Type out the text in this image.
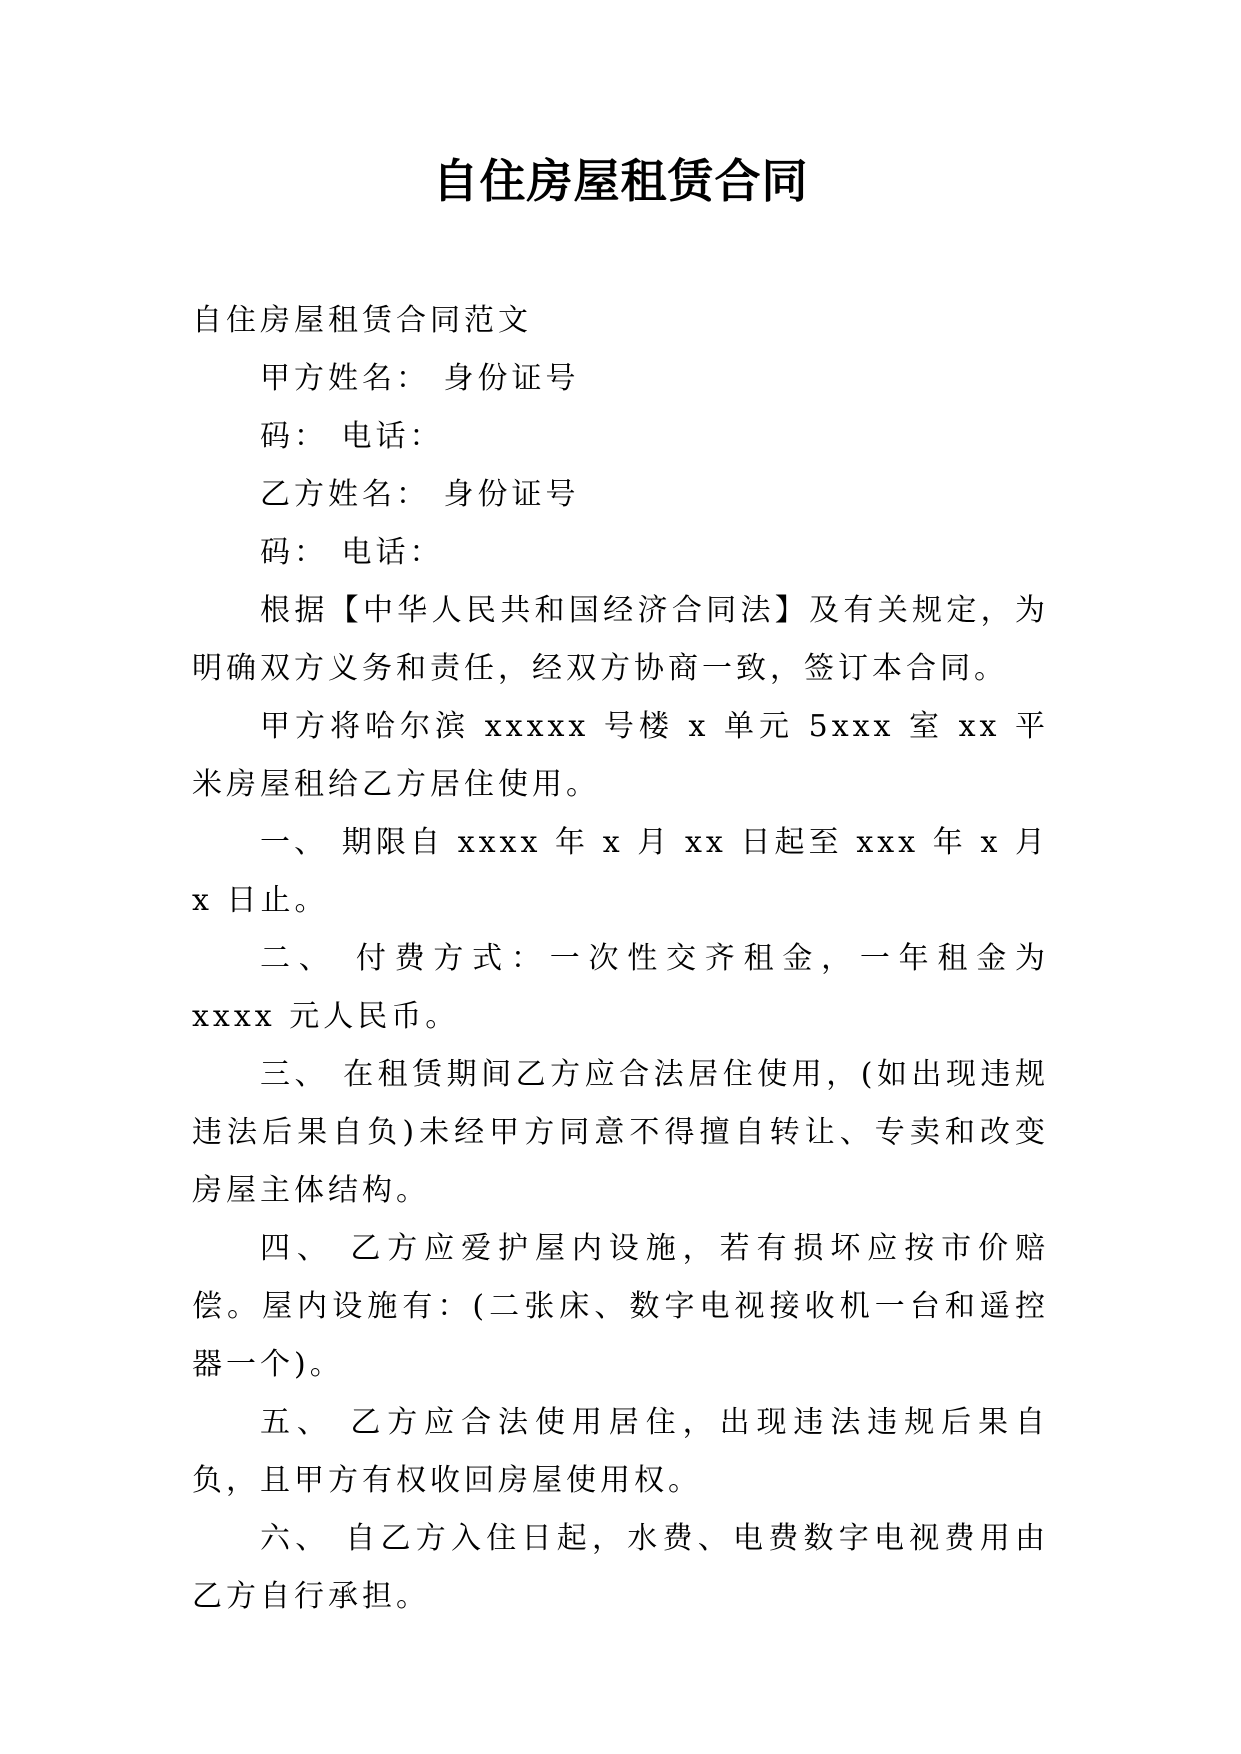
自住房屋租赁合同

自住房屋租赁合同范文

甲方姓名： 身份证号

码： 电话：

乙方姓名： 身份证号

码： 电话：

根据【中华人民共和国经济合同法】及有关规定，为明确双方义务和责任，经双方协商一致，签订本合同。

甲方将哈尔滨 xxxxx 号楼 x 单元 5xxx 室 xx 平米房屋租给乙方居住使用。

一、 期限自 xxxx 年 x 月 xx 日起至 xxx 年 x 月 x 日止。

二、 付费方式：一次性交齐租金，一年租金为 xxxx 元人民币。

三、 在租赁期间乙方应合法居住使用，(如出现违规违法后果自负)未经甲方同意不得擅自转让、专卖和改变房屋主体结构。

四、 乙方应爱护屋内设施，若有损坏应按市价赔偿。屋内设施有：(二张床、数字电视接收机一台和遥控器一个)。

五、 乙方应合法使用居住，出现违法违规后果自负，且甲方有权收回房屋使用权。

六、 自乙方入住日起，水费、电费数字电视费用由乙方自行承担。
